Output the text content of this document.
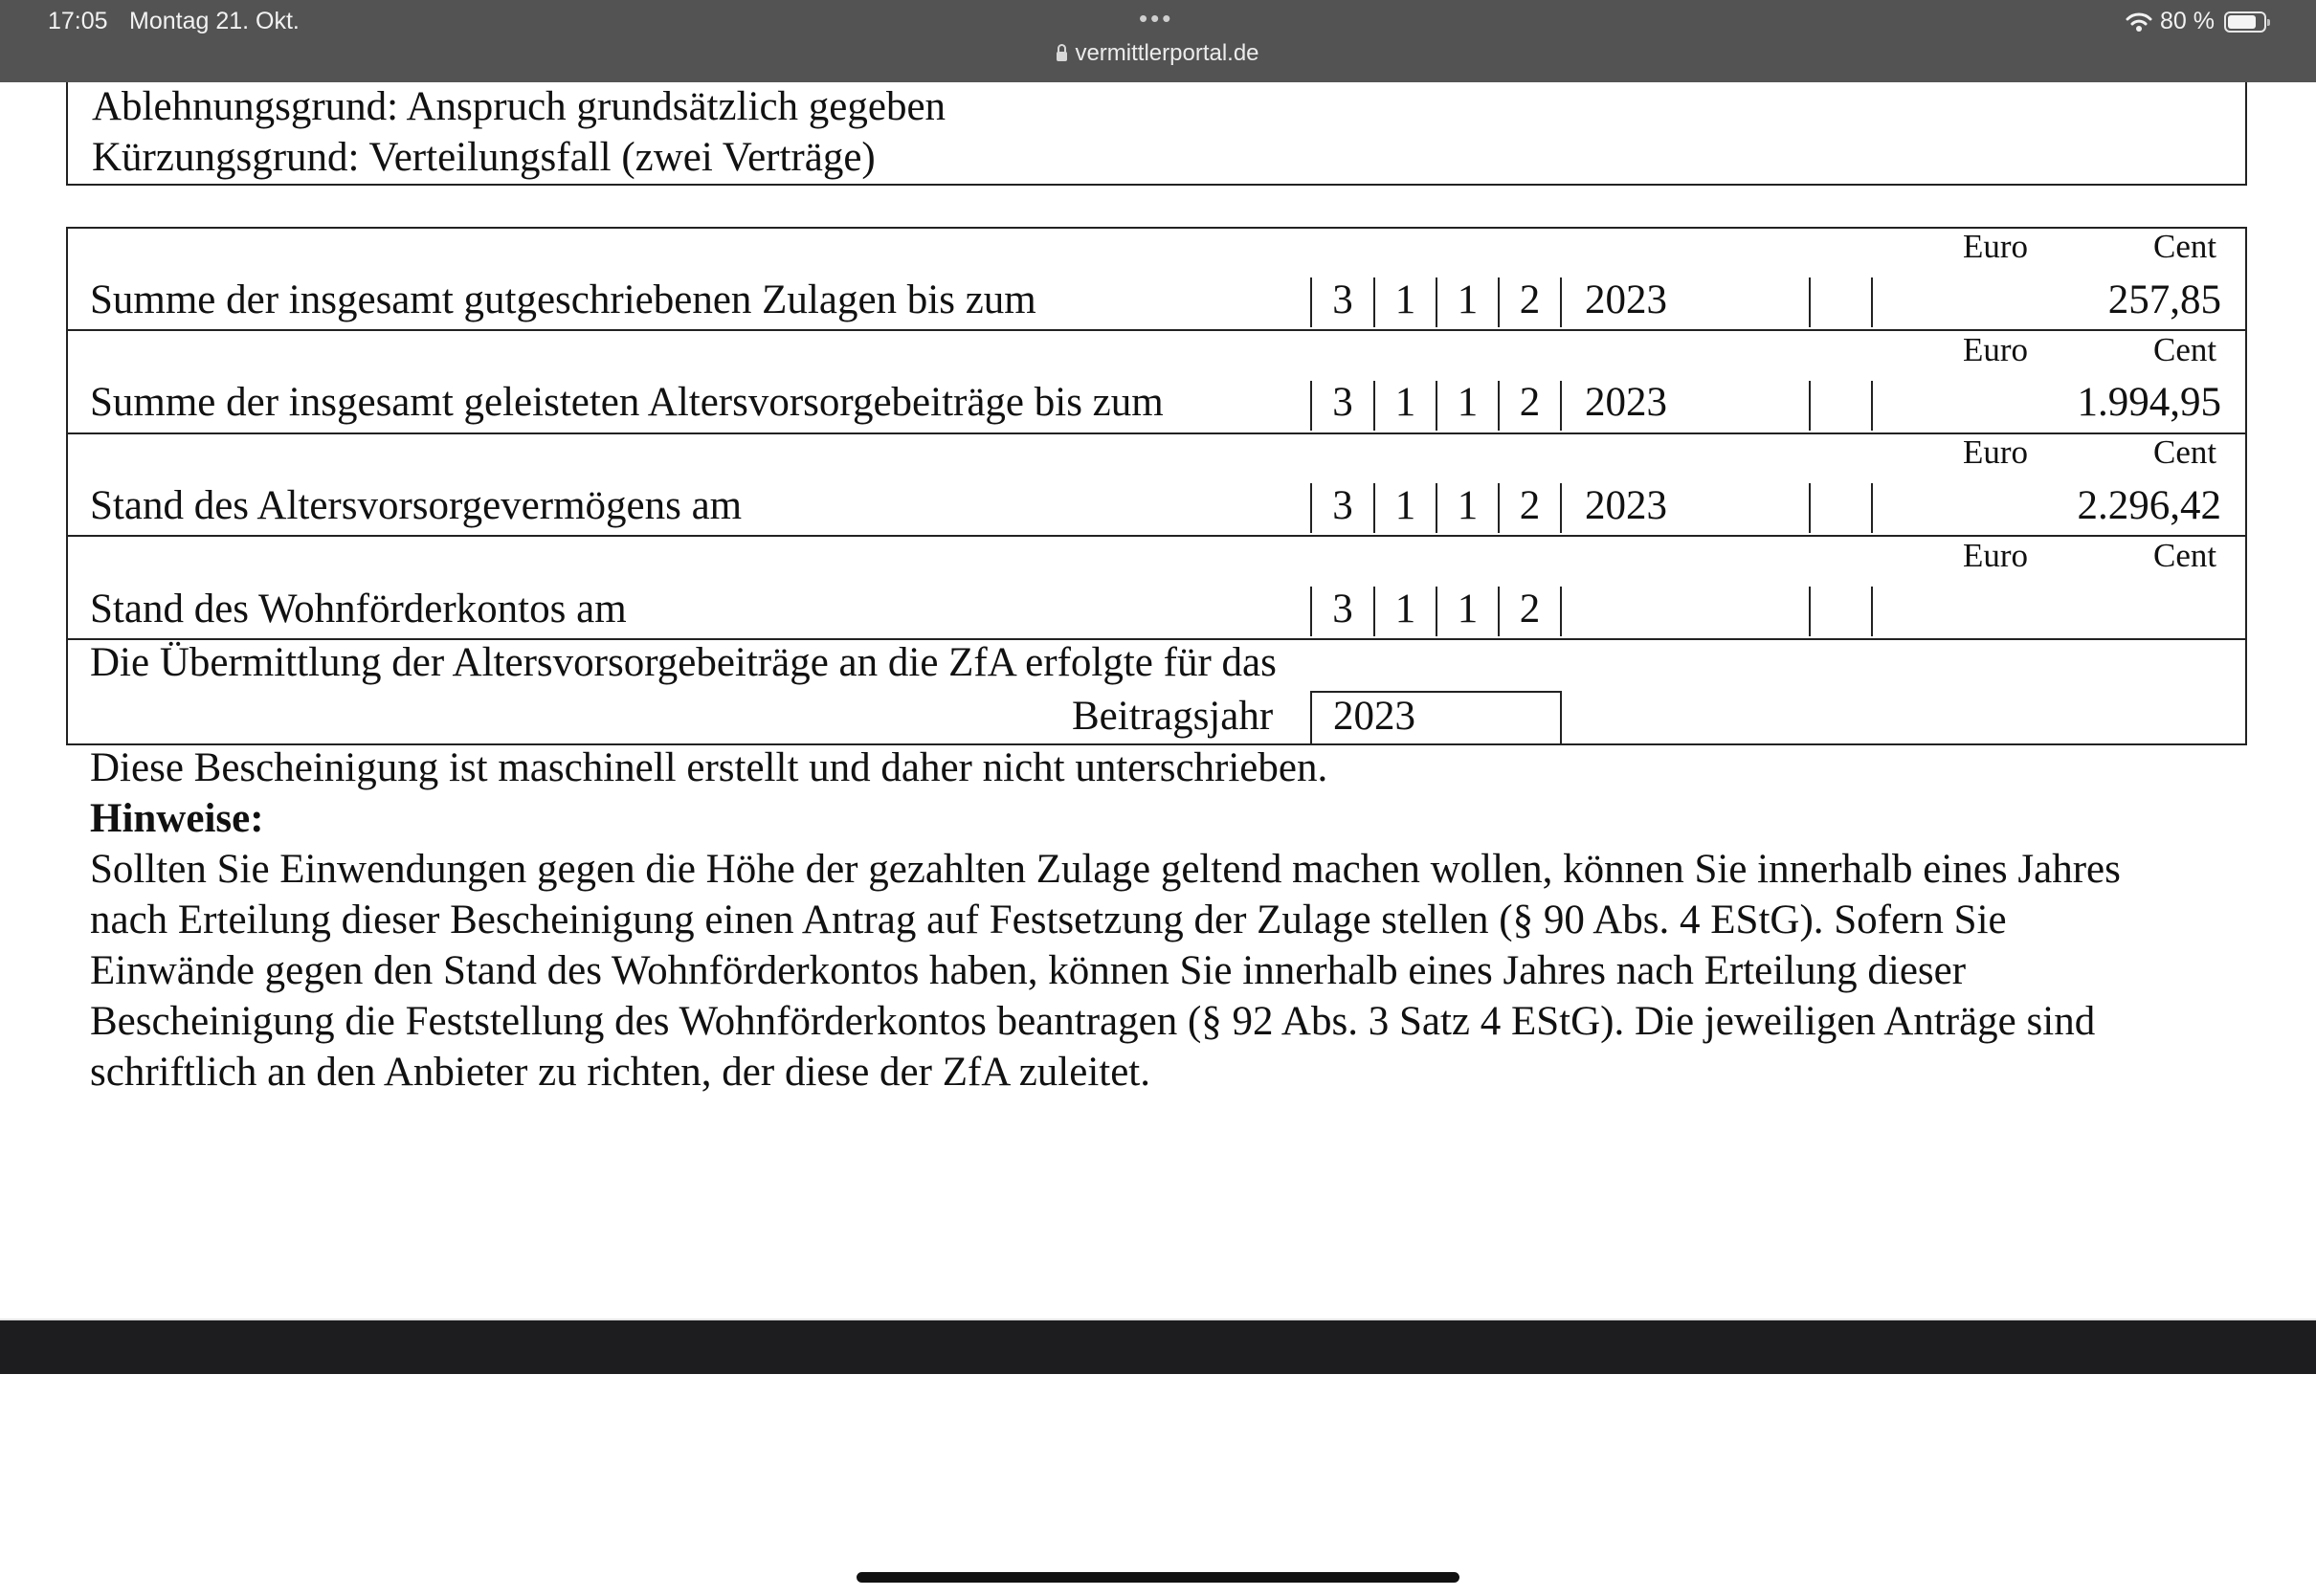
17:05 Montag 21. Okt.	•••
vermittlerportal.de
80 %
Ablehnungsgrund: Anspruch grundsätzlich gegeben
Kürzungsgrund: Verteilungsfall (zwei Verträge)
Euro	Cent
Summe der insgesamt gutgeschriebenen Zulagen bis zum	3	1	1	2	2023	257,85
Euro	Cent
Summe der insgesamt geleisteten Altersvorsorgebeiträge bis zum	3	1	1	2	2023	1.994,95
Euro	Cent
Stand des Altersvorsorgevermögens am	3	1	1	2	2023	2.296,42
Euro	Cent
Stand des Wohnförderkontos am	3	1	1	2
Die Übermittlung der Altersvorsorgebeiträge an die ZfA erfolgte für das
Beitragsjahr 2023
Diese Bescheinigung ist maschinell erstellt und daher nicht unterschrieben.
Hinweise:
Sollten Sie Einwendungen gegen die Höhe der gezahlten Zulage geltend machen wollen, können Sie innerhalb eines Jahres
nach Erteilung dieser Bescheinigung einen Antrag auf Festsetzung der Zulage stellen (§ 90 Abs. 4 EStG). Sofern Sie
Einwände gegen den Stand des Wohnförderkontos haben, können Sie innerhalb eines Jahres nach Erteilung dieser
Bescheinigung die Feststellung des Wohnförderkontos beantragen (§ 92 Abs. 3 Satz 4 EStG). Die jeweiligen Anträge sind
schriftlich an den Anbieter zu richten, der diese der ZfA zuleitet.
